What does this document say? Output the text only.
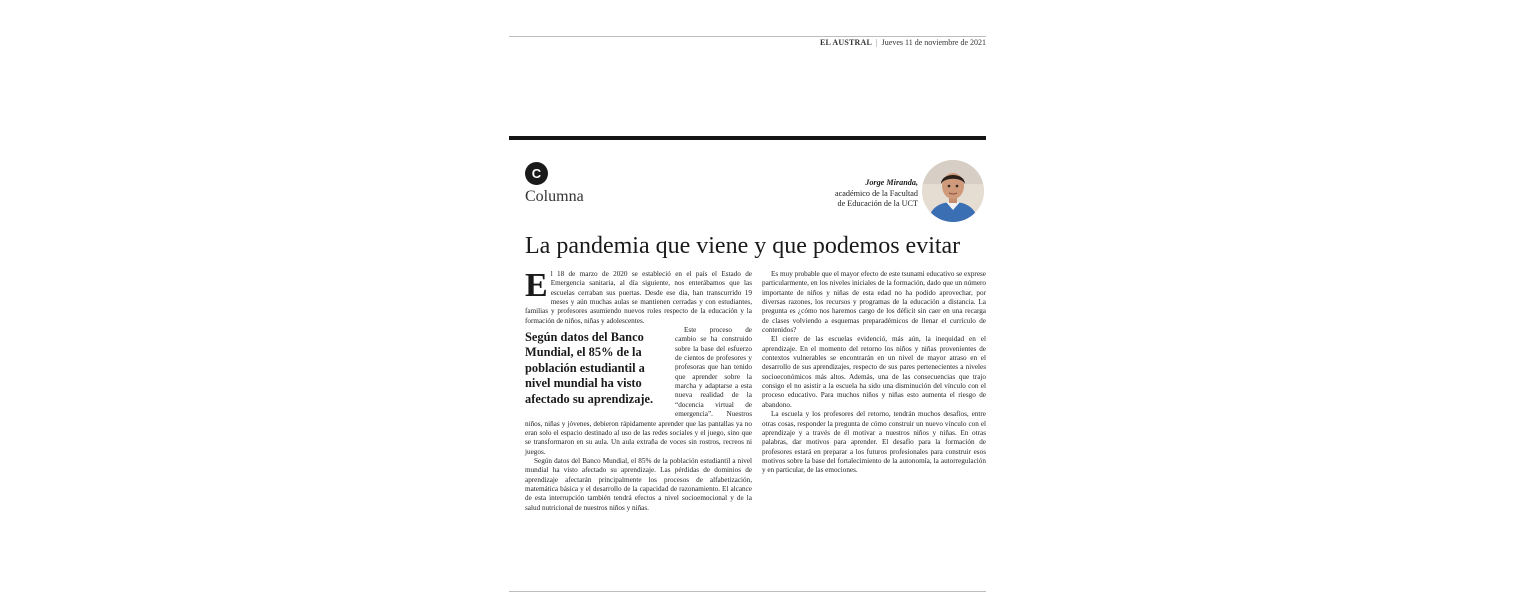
EL AUSTRAL | Jueves 11 de noviembre de 2021
C
Columna
Jorge Miranda,
académico de la Facultad
de Educación de la UCT
La pandemia que viene y que podemos evitar

El 18 de marzo de 2020 se estableció en el país el Estado de Emergencia sanitaria, al día siguiente, nos enterábamos que las escuelas cerraban sus puertas. Desde ese día, han transcurrido 19 meses y aún muchas aulas se mantienen cerradas y con estudiantes, familias y profesores asumiendo nuevos roles respecto de la educación y la formación de niños, niñas y adolescentes.

Según datos del Banco Mundial, el 85% de la población estudiantil a nivel mundial ha visto afectado su aprendizaje.
Este proceso de cambio se ha construido sobre la base del esfuerzo de cientos de profesores y profesoras que han tenido que aprender sobre la marcha y adaptarse a esta nueva realidad de la “docencia virtual de emergencia”. Nuestros niños, niñas y jóvenes, debieron rápidamente aprender que las pantallas ya no eran solo el espacio destinado al uso de las redes sociales y el juego, sino que se transformaron en su aula. Un aula extraña de voces sin rostros, recreos ni juegos.

Según datos del Banco Mundial, el 85% de la población estudiantil a nivel mundial ha visto afectado su aprendizaje. Las pérdidas de dominios de aprendizaje afectarán principalmente los procesos de alfabetización, matemática básica y el desarrollo de la capacidad de razonamiento. El alcance de esta interrupción también tendrá efectos a nivel socioemocional y de la salud nutricional de nuestros niños y niñas.

Es muy probable que el mayor efecto de este tsunami educativo se exprese particularmente, en los niveles iniciales de la formación, dado que un número importante de niños y niñas de esta edad no ha podido aprovechar, por diversas razones, los recursos y programas de la educación a distancia. La pregunta es ¿cómo nos haremos cargo de los déficit sin caer en una recarga de clases volviendo a esquemas preparadémicos de llenar el currículo de contenidos?

El cierre de las escuelas evidenció, más aún, la inequidad en el aprendizaje. En el momento del retorno los niños y niñas provenientes de contextos vulnerables se encontrarán en un nivel de mayor atraso en el desarrollo de sus aprendizajes, respecto de sus pares pertenecientes a niveles socioeconómicos más altos. Además, una de las consecuencias que trajo consigo el no asistir a la escuela ha sido una disminución del vínculo con el proceso educativo. Para muchos niños y niñas esto aumenta el riesgo de abandono.

La escuela y los profesores del retorno, tendrán muchos desafíos, entre otras cosas, responder la pregunta de cómo construir un nuevo vínculo con el aprendizaje y a través de él motivar a nuestros niños y niñas. En otras palabras, dar motivos para aprender. El desafío para la formación de profesores estará en preparar a los futuros profesionales para construir esos motivos sobre la base del fortalecimiento de la autonomía, la autorregulación y en particular, de las emociones.
